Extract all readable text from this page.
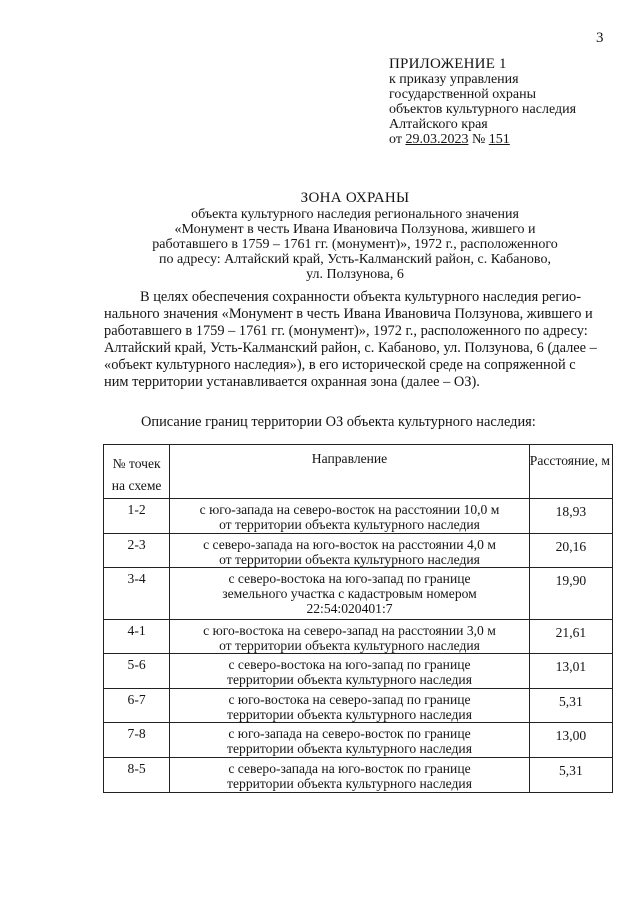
3
ПРИЛОЖЕНИЕ 1
к приказу управления
государственной охраны
объектов культурного наследия
Алтайского края
от 29.03.2023 № 151
ЗОНА ОХРАНЫ
объекта культурного наследия регионального значения
«Монумент в честь Ивана Ивановича Ползунова, жившего и
работавшего в 1759 – 1761 гг. (монумент)», 1972 г., расположенного
по адресу: Алтайский край, Усть-Калманский район, с. Кабаново,
ул. Ползунова, 6
В целях обеспечения сохранности объекта культурного наследия регио-
нального значения «Монумент в честь Ивана Ивановича Ползунова, жившего и
работавшего в 1759 – 1761 гг. (монумент)», 1972 г., расположенного по адресу:
Алтайский край, Усть-Калманский район, с. Кабаново, ул. Ползунова, 6 (далее –
«объект культурного наследия»), в его исторической среде на сопряженной с
ним территории устанавливается охранная зона (далее – ОЗ).
Описание границ территории ОЗ объекта культурного наследия:
№ точек
на схеме	Направление	Расстояние, м

1-2	с юго-запада на северо-восток на расстоянии 10,0 м
от территории объекта культурного наследия	18,93

2-3	с северо-запада на юго-восток на расстоянии 4,0 м
от территории объекта культурного наследия	20,16

3-4	с северо-востока на юго-запад по границе
земельного участка с кадастровым номером
22:54:020401:7	19,90

4-1	с юго-востока на северо-запад на расстоянии 3,0 м
от территории объекта культурного наследия	21,61

5-6	с северо-востока на юго-запад по границе
территории объекта культурного наследия	13,01

6-7	с юго-востока на северо-запад по границе
территории объекта культурного наследия	5,31

7-8	с юго-запада на северо-восток по границе
территории объекта культурного наследия	13,00

8-5	с северо-запада на юго-восток по границе
территории объекта культурного наследия	5,31
